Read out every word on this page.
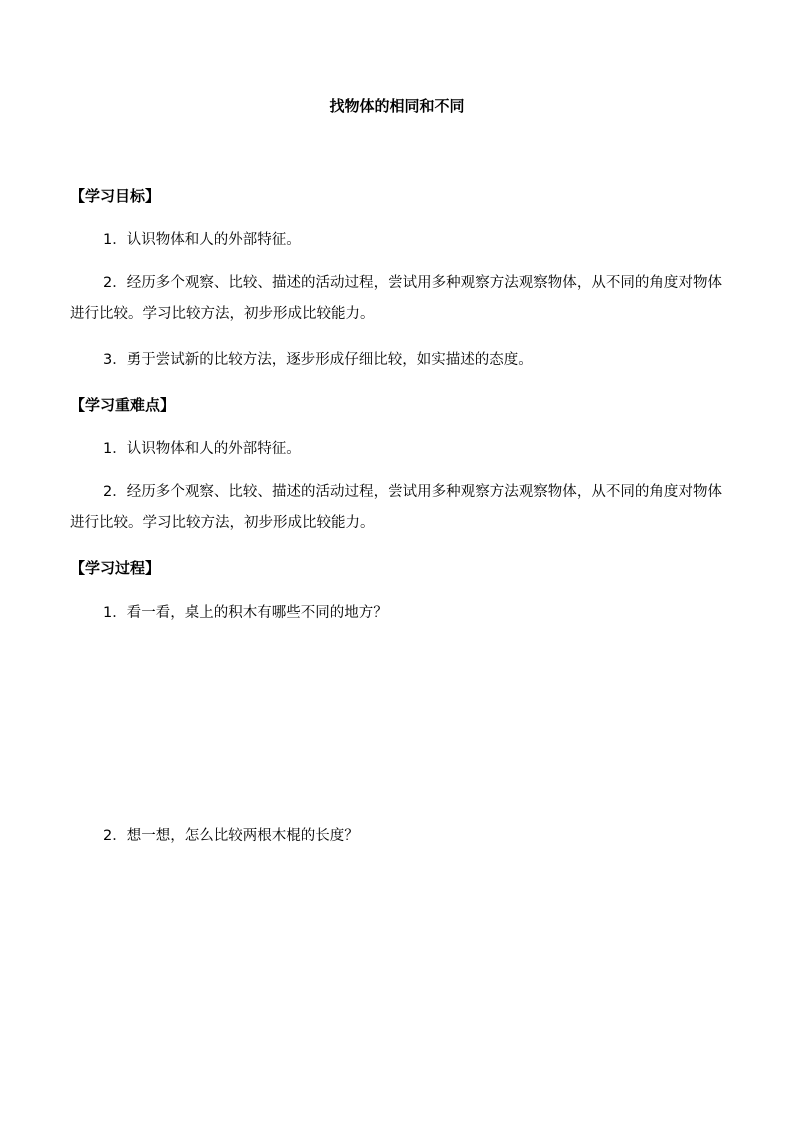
找物体的相同和不同
【学习目标】
1．认识物体和人的外部特征。
2．经历多个观察、比较、描述的活动过程，尝试用多种观察方法观察物体，从不同的角度对物体进行比较。学习比较方法，初步形成比较能力。
3．勇于尝试新的比较方法，逐步形成仔细比较，如实描述的态度。
【学习重难点】
1．认识物体和人的外部特征。
2．经历多个观察、比较、描述的活动过程，尝试用多种观察方法观察物体，从不同的角度对物体进行比较。学习比较方法，初步形成比较能力。
【学习过程】
1．看一看，桌上的积木有哪些不同的地方？
2．想一想，怎么比较两根木棍的长度？
